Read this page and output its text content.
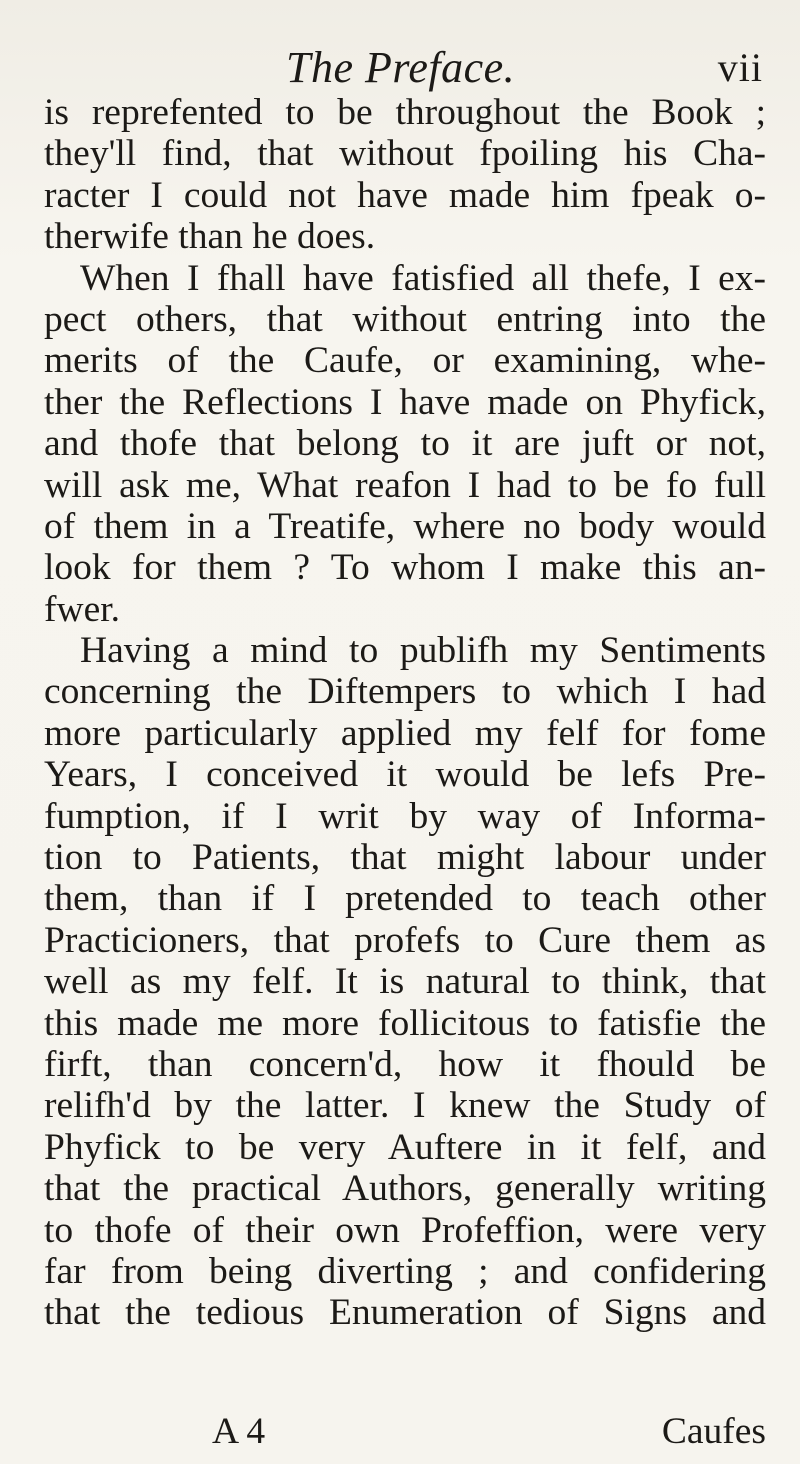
The Preface.	vii
is reprefented to be throughout the Book ;
they'll find, that without fpoiling his Cha-
racter I could not have made him fpeak o-
therwife than he does.
When I fhall have fatisfied all thefe, I ex-
pect others, that without entring into the
merits of the Caufe, or examining, whe-
ther the Reflections I have made on Phyfick,
and thofe that belong to it are juft or not,
will ask me, What reafon I had to be fo full
of them in a Treatife, where no body would
look for them ? To whom I make this an-
fwer.
Having a mind to publifh my Sentiments
concerning the Diftempers to which I had
more particularly applied my felf for fome
Years, I conceived it would be lefs Pre-
fumption, if I writ by way of Informa-
tion to Patients, that might labour under
them, than if I pretended to teach other
Practicioners, that profefs to Cure them as
well as my felf. It is natural to think, that
this made me more follicitous to fatisfie the
firft, than concern'd, how it fhould be
relifh'd by the latter. I knew the Study of
Phyfick to be very Auftere in it felf, and
that the practical Authors, generally writing
to thofe of their own Profeffion, were very
far from being diverting ; and confidering
that the tedious Enumeration of Signs and
A 4	Caufes
